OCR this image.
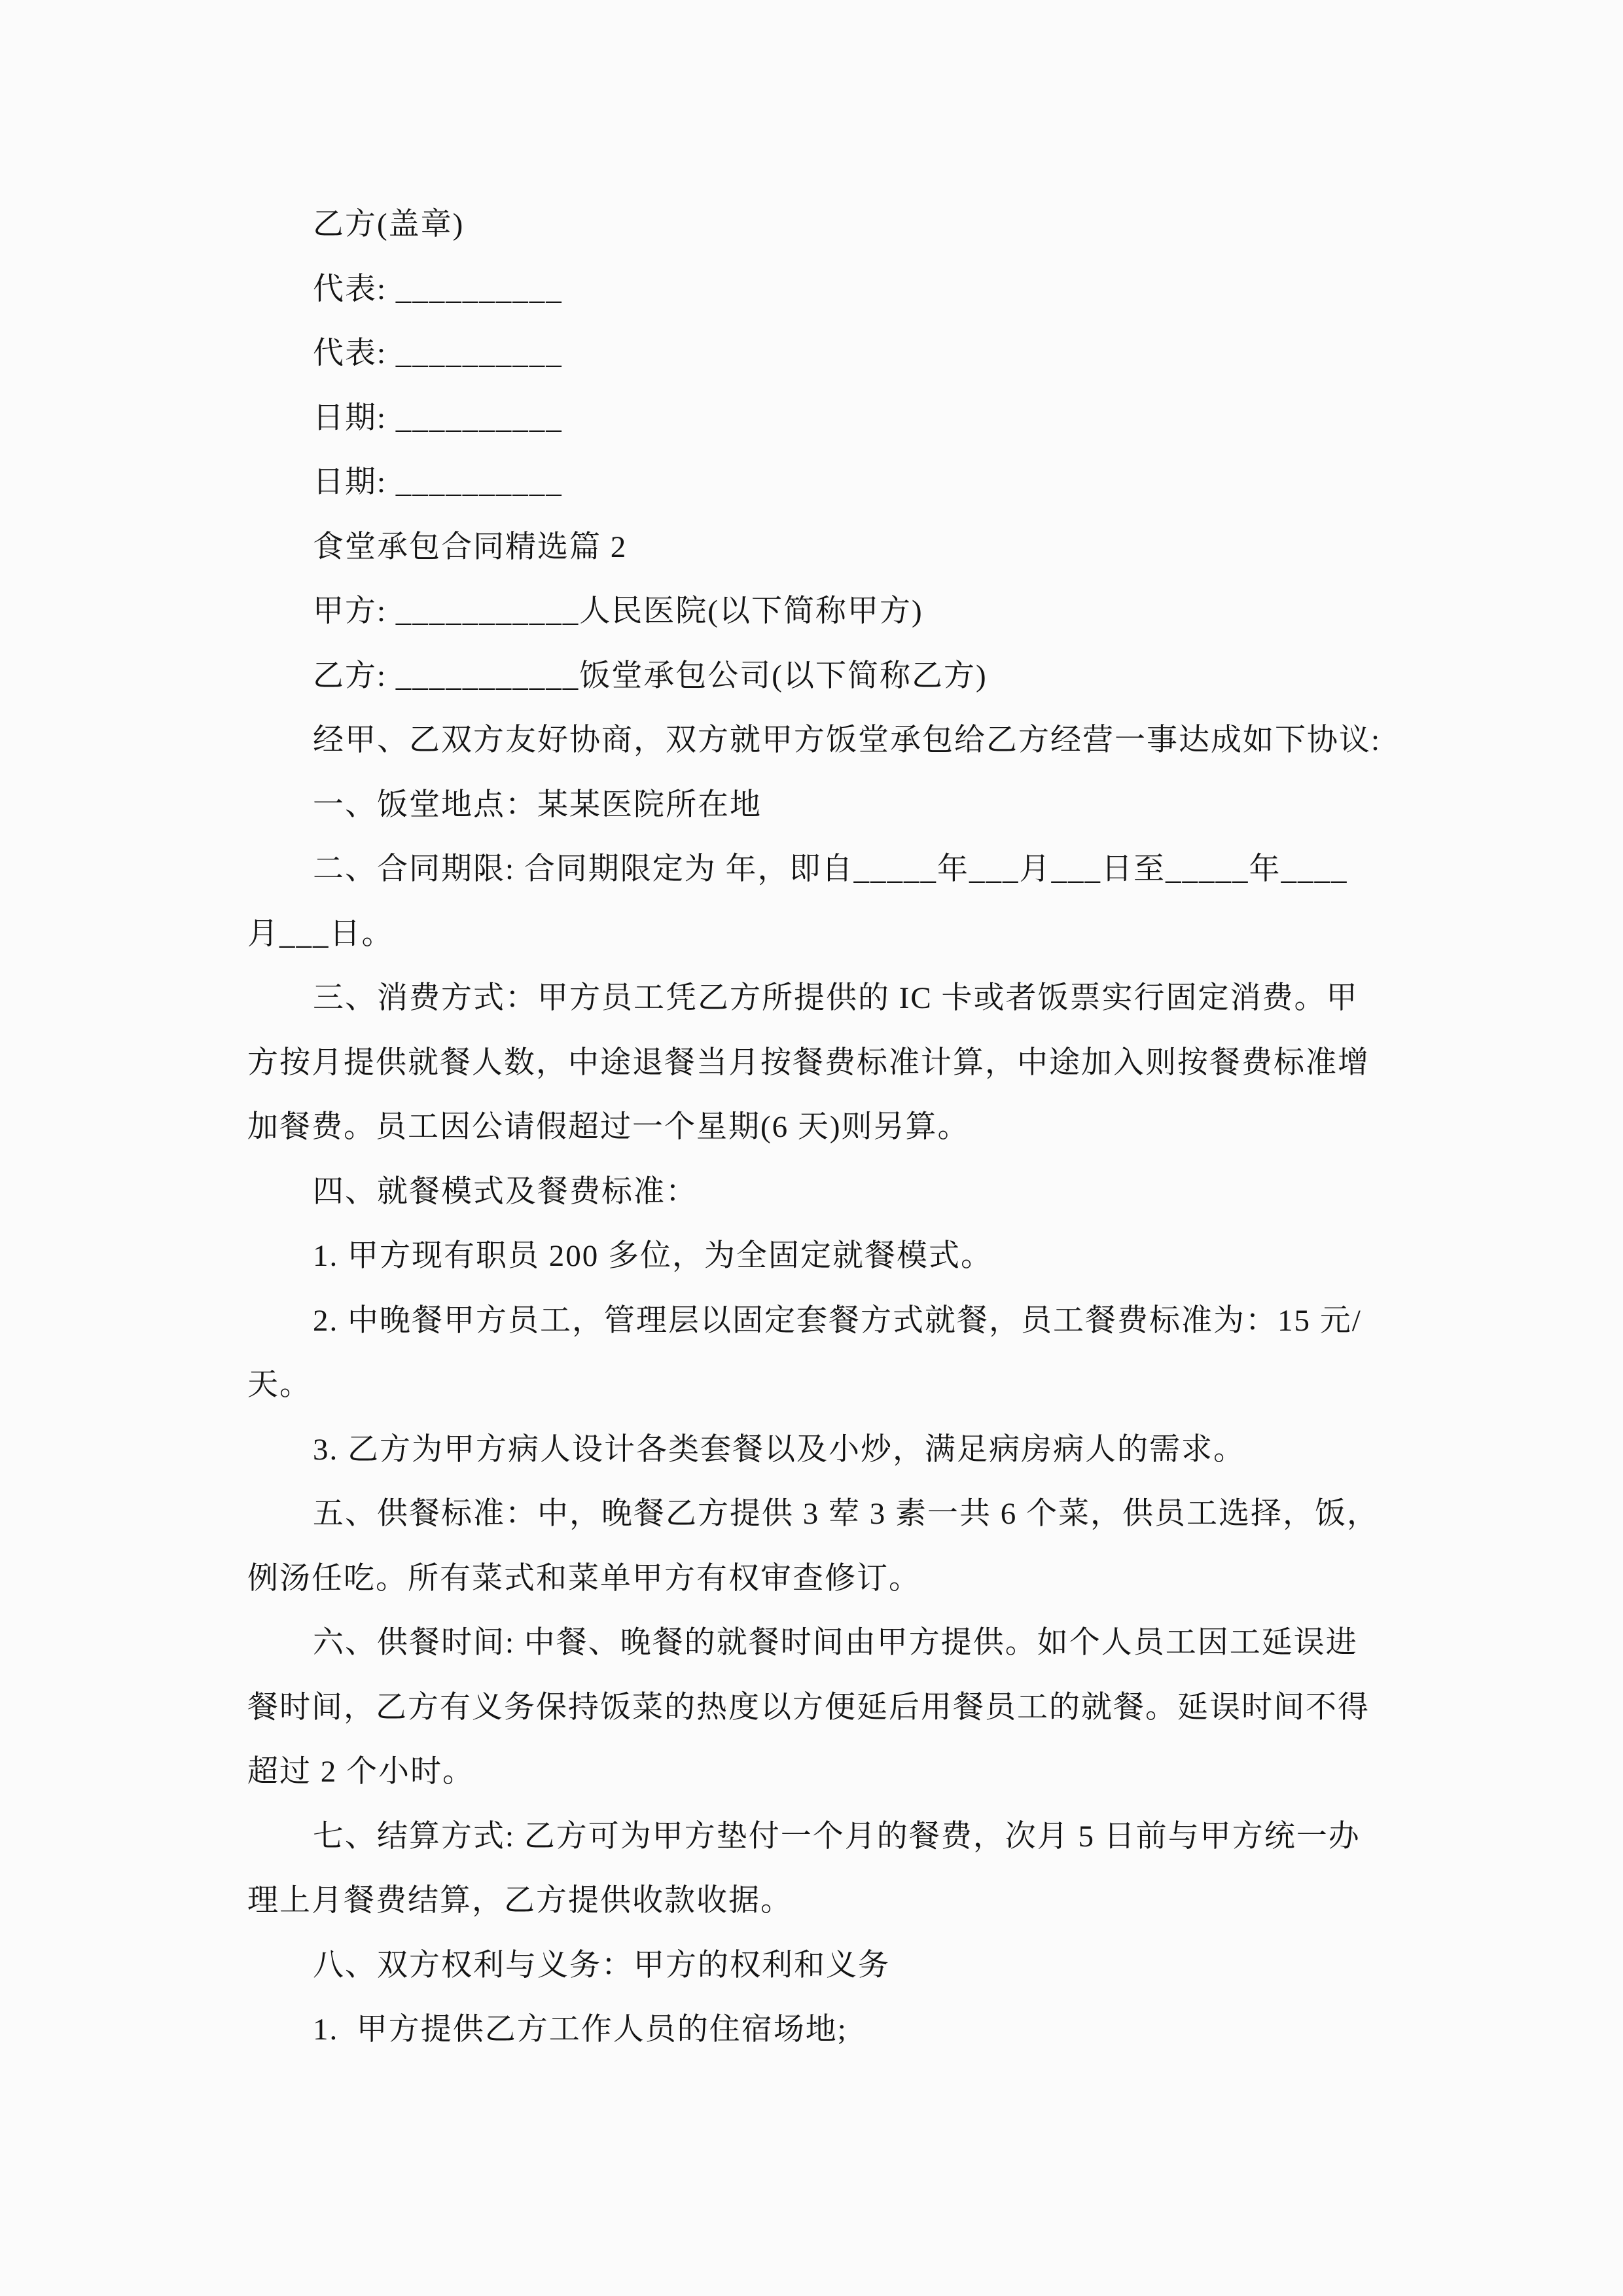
乙方(盖章)
代表: __________
代表: __________
日期: __________
日期: __________
食堂承包合同精选篇 2
甲方: ___________人民医院(以下简称甲方)
乙方: ___________饭堂承包公司(以下简称乙方)
经甲、乙双方友好协商，双方就甲方饭堂承包给乙方经营一事达成如下协议:
一、饭堂地点：某某医院所在地
二、合同期限: 合同期限定为 年，即自_____年___月___日至_____年____
月___日。
三、消费方式：甲方员工凭乙方所提供的 IC 卡或者饭票实行固定消费。甲
方按月提供就餐人数，中途退餐当月按餐费标准计算，中途加入则按餐费标准增
加餐费。员工因公请假超过一个星期(6 天)则另算。
四、就餐模式及餐费标准：
1. 甲方现有职员 200 多位，为全固定就餐模式。
2. 中晚餐甲方员工，管理层以固定套餐方式就餐，员工餐费标准为：15 元/
天。
3. 乙方为甲方病人设计各类套餐以及小炒，满足病房病人的需求。
五、供餐标准：中，晚餐乙方提供 3 荤 3 素一共 6 个菜，供员工选择，饭，
例汤任吃。所有菜式和菜单甲方有权审查修订。
六、供餐时间: 中餐、晚餐的就餐时间由甲方提供。如个人员工因工延误进
餐时间，乙方有义务保持饭菜的热度以方便延后用餐员工的就餐。延误时间不得
超过 2 个小时。
七、结算方式: 乙方可为甲方垫付一个月的餐费，次月 5 日前与甲方统一办
理上月餐费结算，乙方提供收款收据。
八、双方权利与义务：甲方的权利和义务
1.  甲方提供乙方工作人员的住宿场地;
